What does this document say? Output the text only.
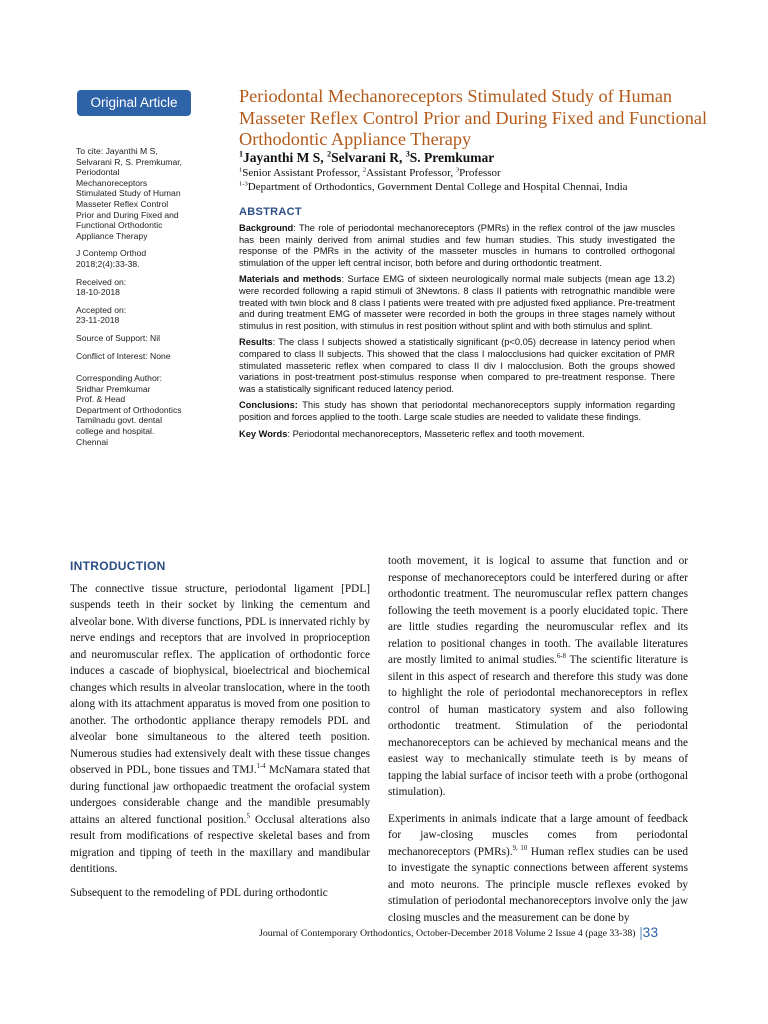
Original Article

To cite: Jayanthi M S, Selvarani R, S. Premkumar, Periodontal Mechanoreceptors Stimulated Study of Human Masseter Reflex Control Prior and During Fixed and Functional Orthodontic Appliance Therapy

J Contemp Orthod 2018;2(4):33-38.

Received on:

18-10-2018

Accepted on:

23-11-2018

Source of Support: Nil

Conflict of Interest: None

Corresponding Author:

Sridhar Premkumar

Prof. & Head

Department of Orthodontics

Tamilnadu govt. dental college and hospital. Chennai

Periodontal Mechanoreceptors Stimulated Study of Human Masseter Reflex Control Prior and During Fixed and Functional Orthodontic Appliance Therapy
$^1$Jayanthi M S, $^2$Selvarani R, $^3$S. Premkumar
$^1$Senior Assistant Professor, $^2$Assistant Professor, $^3$Professor
$^{1-3}$Department of Orthodontics, Government Dental College and Hospital Chennai, India
ABSTRACT

Background: The role of periodontal mechanoreceptors (PMRs) in the reflex control of the jaw muscles has been mainly derived from animal studies and few human studies. This study investigated the response of the PMRs in the activity of the masseter muscles in humans to controlled orthogonal stimulation of the upper left central incisor, both before and during orthodontic treatment.

Materials and methods: Surface EMG of sixteen neurologically normal male subjects (mean age 13.2) were recorded following a rapid stimuli of 3Newtons. 8 class II patients with retrognathic mandible were treated with twin block and 8 class I patients were treated with pre adjusted fixed appliance. Pre-treatment and during treatment EMG of masseter were recorded in both the groups in three stages namely without stimulus in rest position, with stimulus in rest position without splint and with both stimulus and splint.

Results: The class I subjects showed a statistically significant (p<0.05) decrease in latency period when compared to class II subjects. This showed that the class I malocclusions had quicker excitation of PMR stimulated masseteric reflex when compared to class II div I malocclusion. Both the groups showed variations in post-treatment post-stimulus response when compared to pre-treatment response. There was a statistically significant reduced latency period.

Conclusions: This study has shown that periodontal mechanoreceptors supply information regarding position and forces applied to the tooth. Large scale studies are needed to validate these findings.

Key Words: Periodontal mechanoreceptors, Masseteric reflex and tooth movement.

INTRODUCTION

The connective tissue structure, periodontal ligament [PDL] suspends teeth in their socket by linking the cementum and alveolar bone. With diverse functions, PDL is innervated richly by nerve endings and receptors that are involved in proprioception and neuromuscular reflex. The application of orthodontic force induces a cascade of biophysical, bioelectrical and biochemical changes which results in alveolar translocation, where in the tooth along with its attachment apparatus is moved from one position to another. The orthodontic appliance therapy remodels PDL and alveolar bone simultaneous to the altered teeth position. Numerous studies had extensively dealt with these tissue changes observed in PDL, bone tissues and TMJ.$^{1-4}$ McNamara stated that during functional jaw orthopaedic treatment the orofacial system undergoes considerable change and the mandible presumably attains an altered functional position.$^5$ Occlusal alterations also result from modifications of respective skeletal bases and from migration and tipping of teeth in the maxillary and mandibular dentitions.

Subsequent to the remodeling of PDL during orthodontic

tooth movement, it is logical to assume that function and or response of mechanoreceptors could be interfered during or after orthodontic treatment. The neuromuscular reflex pattern changes following the teeth movement is a poorly elucidated topic. There are little studies regarding the neuromuscular reflex and its relation to positional changes in tooth. The available literatures are mostly limited to animal studies.$^{6-8}$ The scientific literature is silent in this aspect of research and therefore this study was done to highlight the role of periodontal mechanoreceptors in reflex control of human masticatory system and also following orthodontic treatment. Stimulation of the periodontal mechanoreceptors can be achieved by mechanical means and the easiest way to mechanically stimulate teeth is by means of tapping the labial surface of incisor teeth with a probe (orthogonal stimulation).

Experiments in animals indicate that a large amount of feedback for jaw-closing muscles comes from periodontal mechanoreceptors (PMRs).$^{9, 10}$ Human reflex studies can be used to investigate the synaptic connections between afferent systems and moto neurons. The principle muscle reflexes evoked by stimulation of periodontal mechanoreceptors involve only the jaw closing muscles and the measurement can be done by

Journal of Contemporary Orthodontics, October-December 2018 Volume 2 Issue 4 (page 33-38) |33
